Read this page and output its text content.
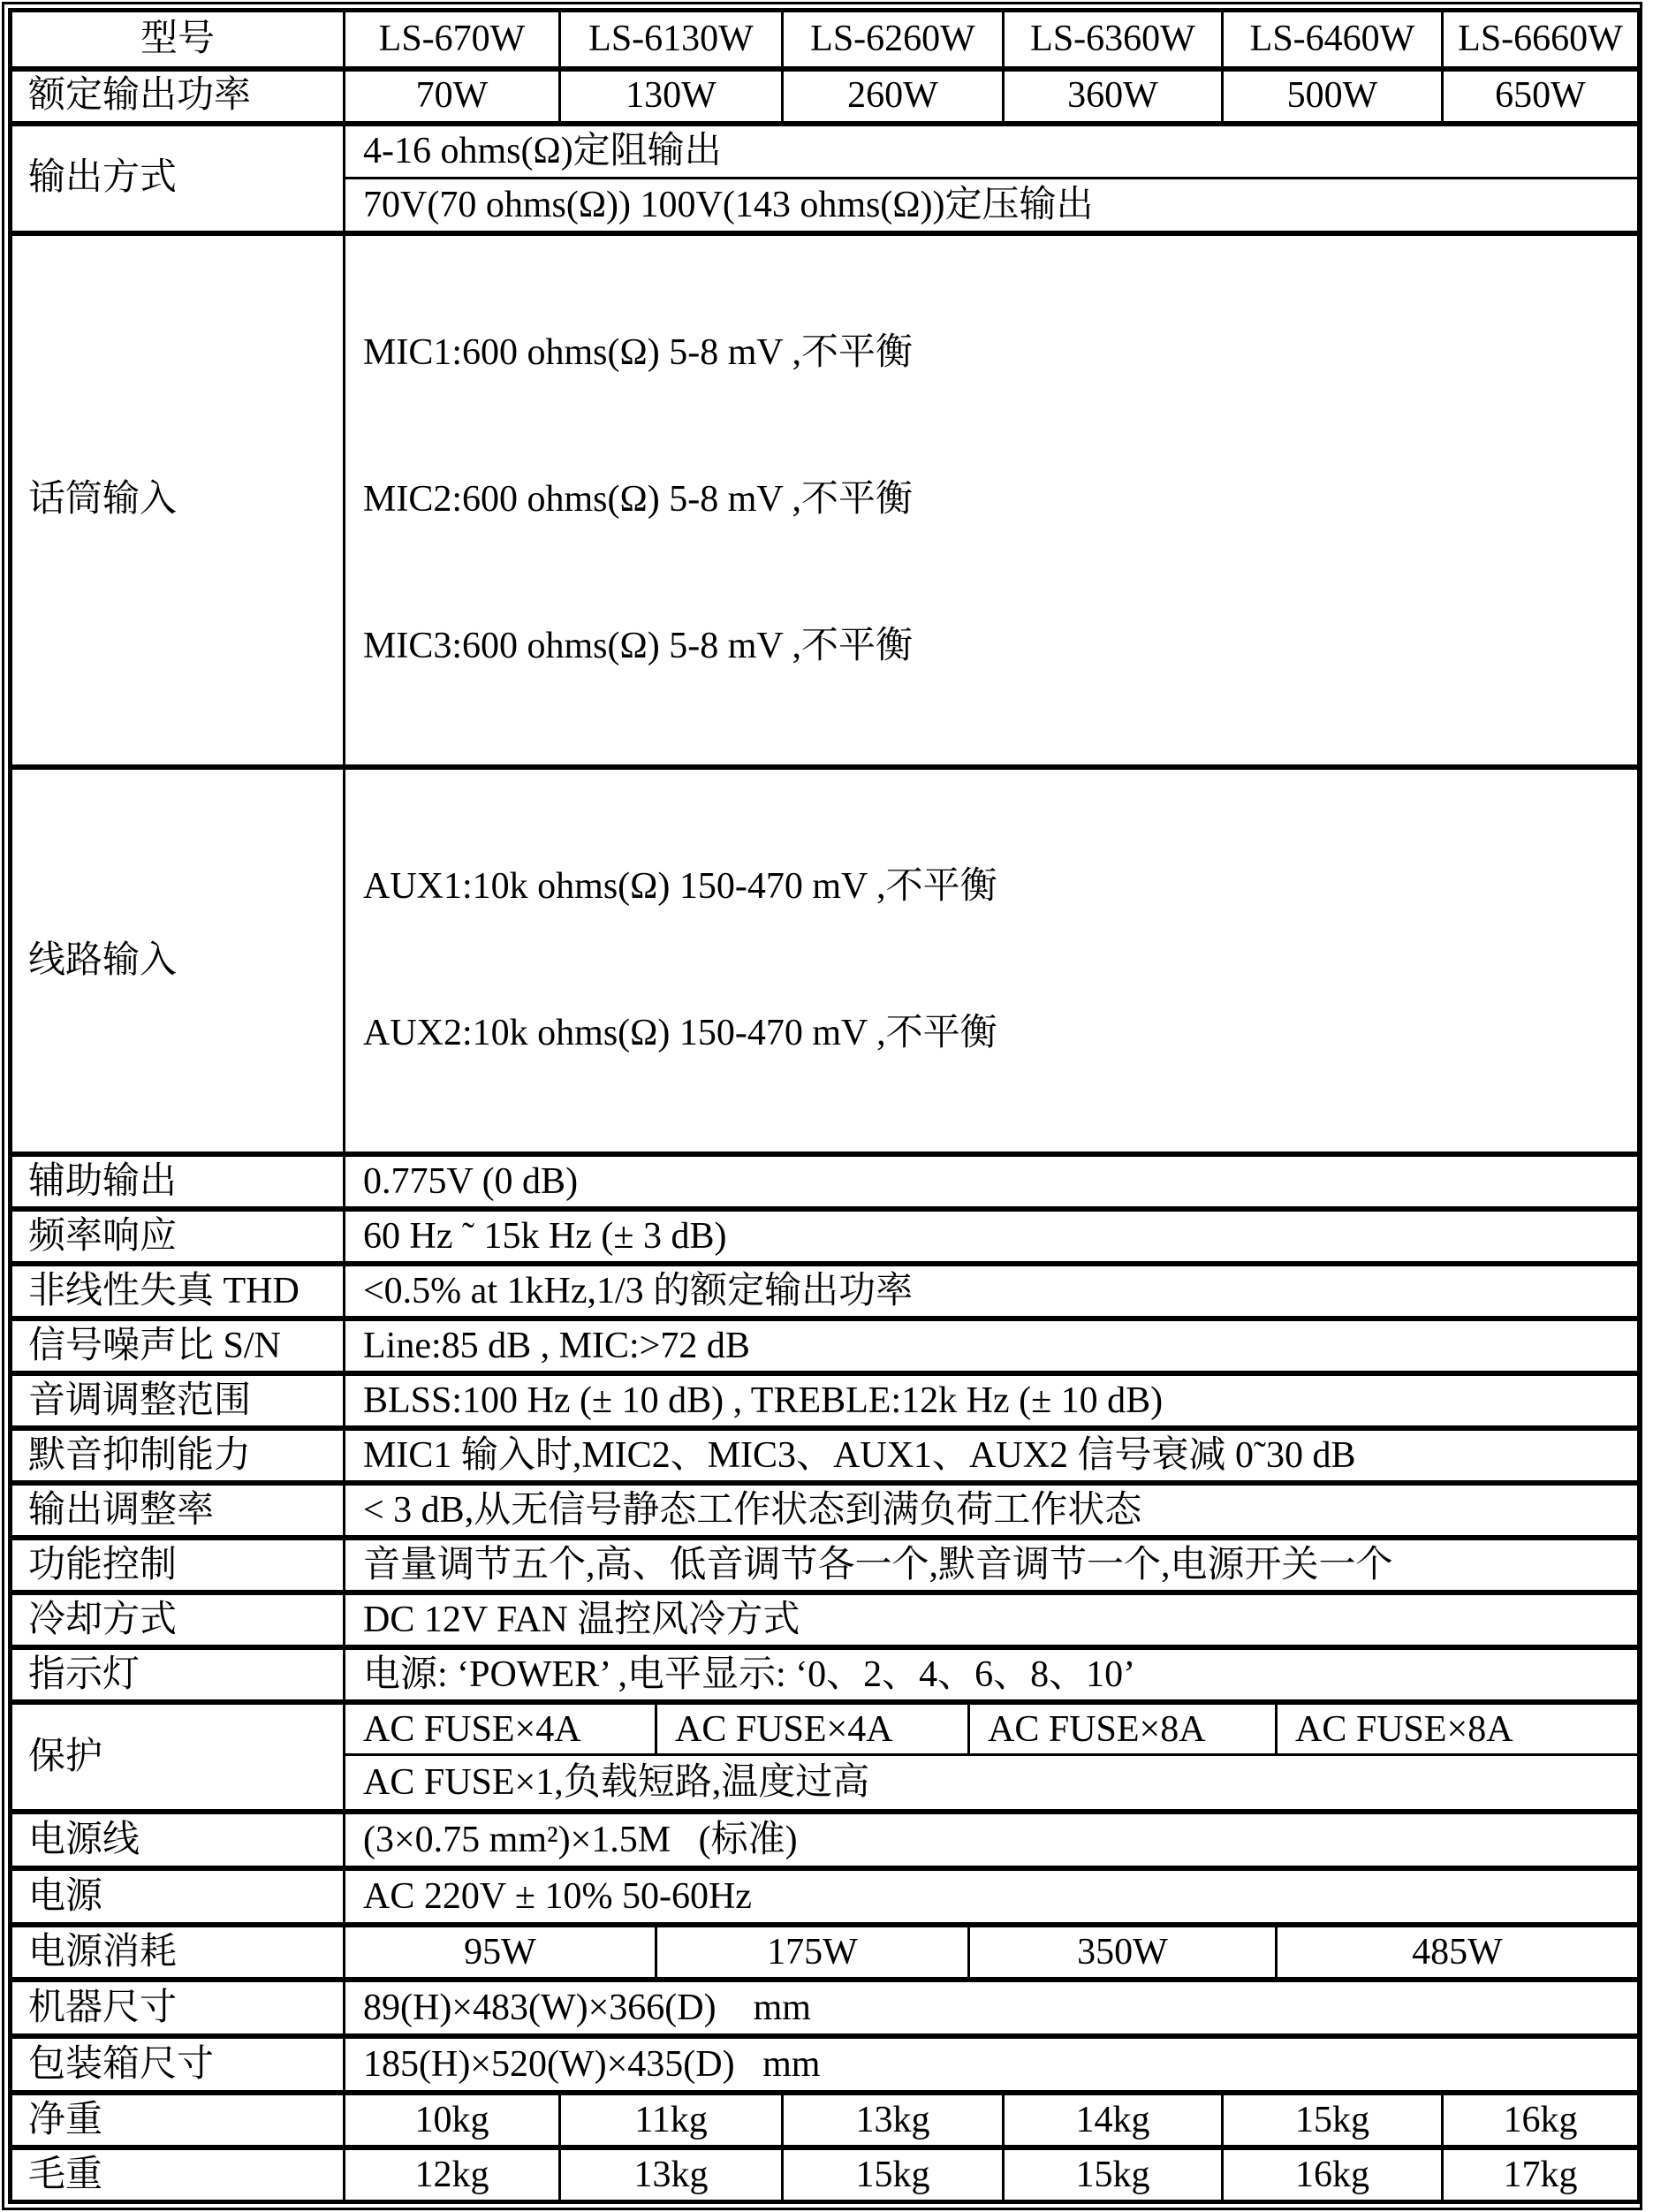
型号	LS-670W	LS-6130W		LS-6260W		LS-6360W	LS-6460W		LS-6660W
额定输出功率	70W	130W		260W		360W	500W		650W
输出方式	4-16 ohms(Ω)定阻输出								
	70V(70 ohms(Ω)) 100V(143 ohms(Ω))定压输出								
话筒输入	MIC1:600 ohms(Ω) 5-8 mV ,不平衡

MIC2:600 ohms(Ω) 5-8 mV ,不平衡

MIC3:600 ohms(Ω) 5-8 mV ,不平衡								

线路输入	AUX1:10k ohms(Ω) 150-470 mV ,不平衡

AUX2:10k ohms(Ω) 150-470 mV ,不平衡								

辅助输出	0.775V (0 dB)								
频率响应	60 Hz ˜ 15k Hz (± 3 dB)								
非线性失真 THD	<0.5% at 1kHz,1/3 的额定输出功率								
信号噪声比 S/N	Line:85 dB , MIC:>72 dB								
音调调整范围	BLSS:100 Hz (± 10 dB) , TREBLE:12k Hz (± 10 dB)								
默音抑制能力	MIC1 输入时,MIC2、MIC3、AUX1、AUX2 信号衰减 0˜30 dB								
输出调整率	< 3 dB,从无信号静态工作状态到满负荷工作状态								
功能控制	音量调节五个,高、低音调节各一个,默音调节一个,电源开关一个								
冷却方式	DC 12V FAN 温控风冷方式								
指示灯	电源: ‘POWER’ ,电平显示: ‘0、2、4、6、8、10’								
保护	AC FUSE×4A		AC FUSE×4A		AC FUSE×8A			AC FUSE×8A	
	AC FUSE×1,负载短路,温度过高								
电源线	(3×0.75 mm²)×1.5M   (标准)								
电源	AC 220V ± 10% 50-60Hz								
电源消耗	95W		175W		350W			485W	
机器尺寸	89(H)×483(W)×366(D)    mm								
包装箱尺寸	185(H)×520(W)×435(D)   mm								
净重	10kg	11kg		13kg		14kg	15kg		16kg
毛重	12kg	13kg		15kg		15kg	16kg		17kg
